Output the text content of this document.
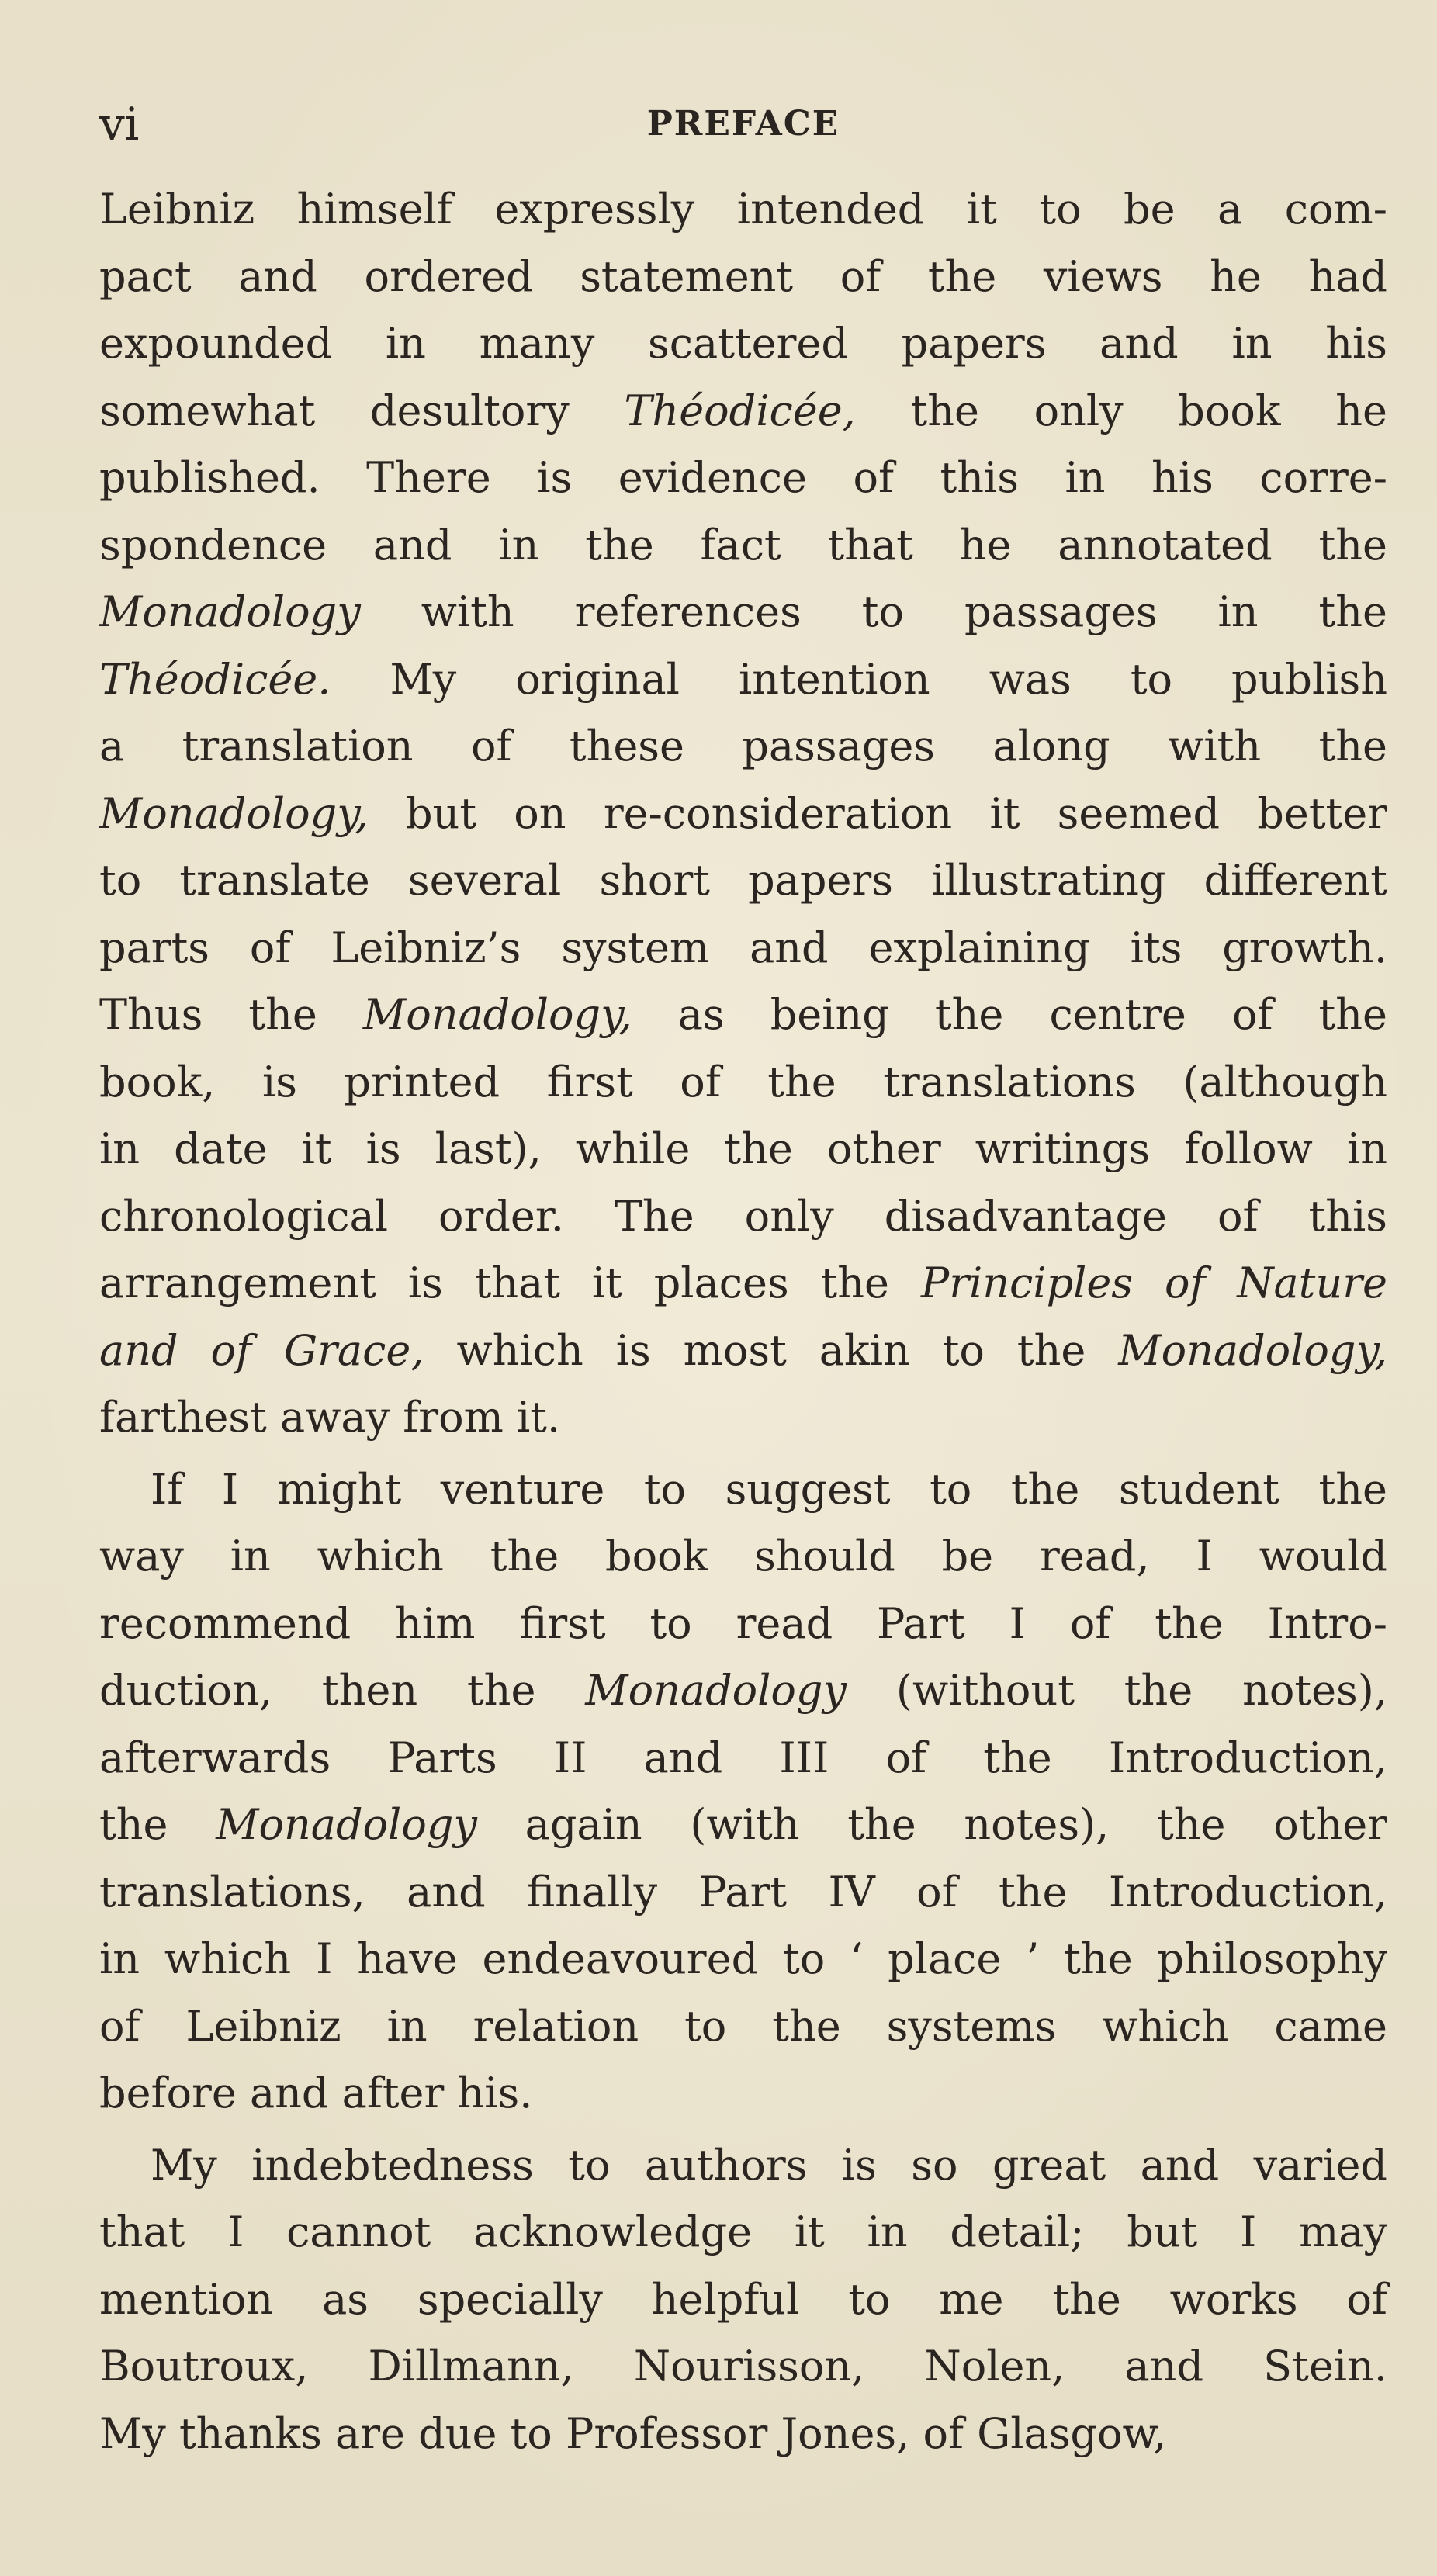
vi	PREFACE
Leibniz himself expressly intended it to be a com-
pact and ordered statement of the views he had
expounded in many scattered papers and in his
somewhat desultory Théodicée, the only book he
published. There is evidence of this in his corre-
spondence and in the fact that he annotated the
Monadology with references to passages in the
Théodicée. My original intention was to publish
a translation of these passages along with the
Monadology, but on re-consideration it seemed better
to translate several short papers illustrating different
parts of Leibniz’s system and explaining its growth.
Thus the Monadology, as being the centre of the
book, is printed first of the translations (although
in date it is last), while the other writings follow in
chronological order. The only disadvantage of this
arrangement is that it places the Principles of Nature
and of Grace, which is most akin to the Monadology,
farthest away from it.
If I might venture to suggest to the student the
way in which the book should be read, I would
recommend him first to read Part I of the Intro-
duction, then the Monadology (without the notes),
afterwards Parts II and III of the Introduction,
the Monadology again (with the notes), the other
translations, and finally Part IV of the Introduction,
in which I have endeavoured to ‘ place ’ the philosophy
of Leibniz in relation to the systems which came
before and after his.
My indebtedness to authors is so great and varied
that I cannot acknowledge it in detail; but I may
mention as specially helpful to me the works of
Boutroux, Dillmann, Nourisson, Nolen, and Stein.
My thanks are due to Professor Jones, of Glasgow,
